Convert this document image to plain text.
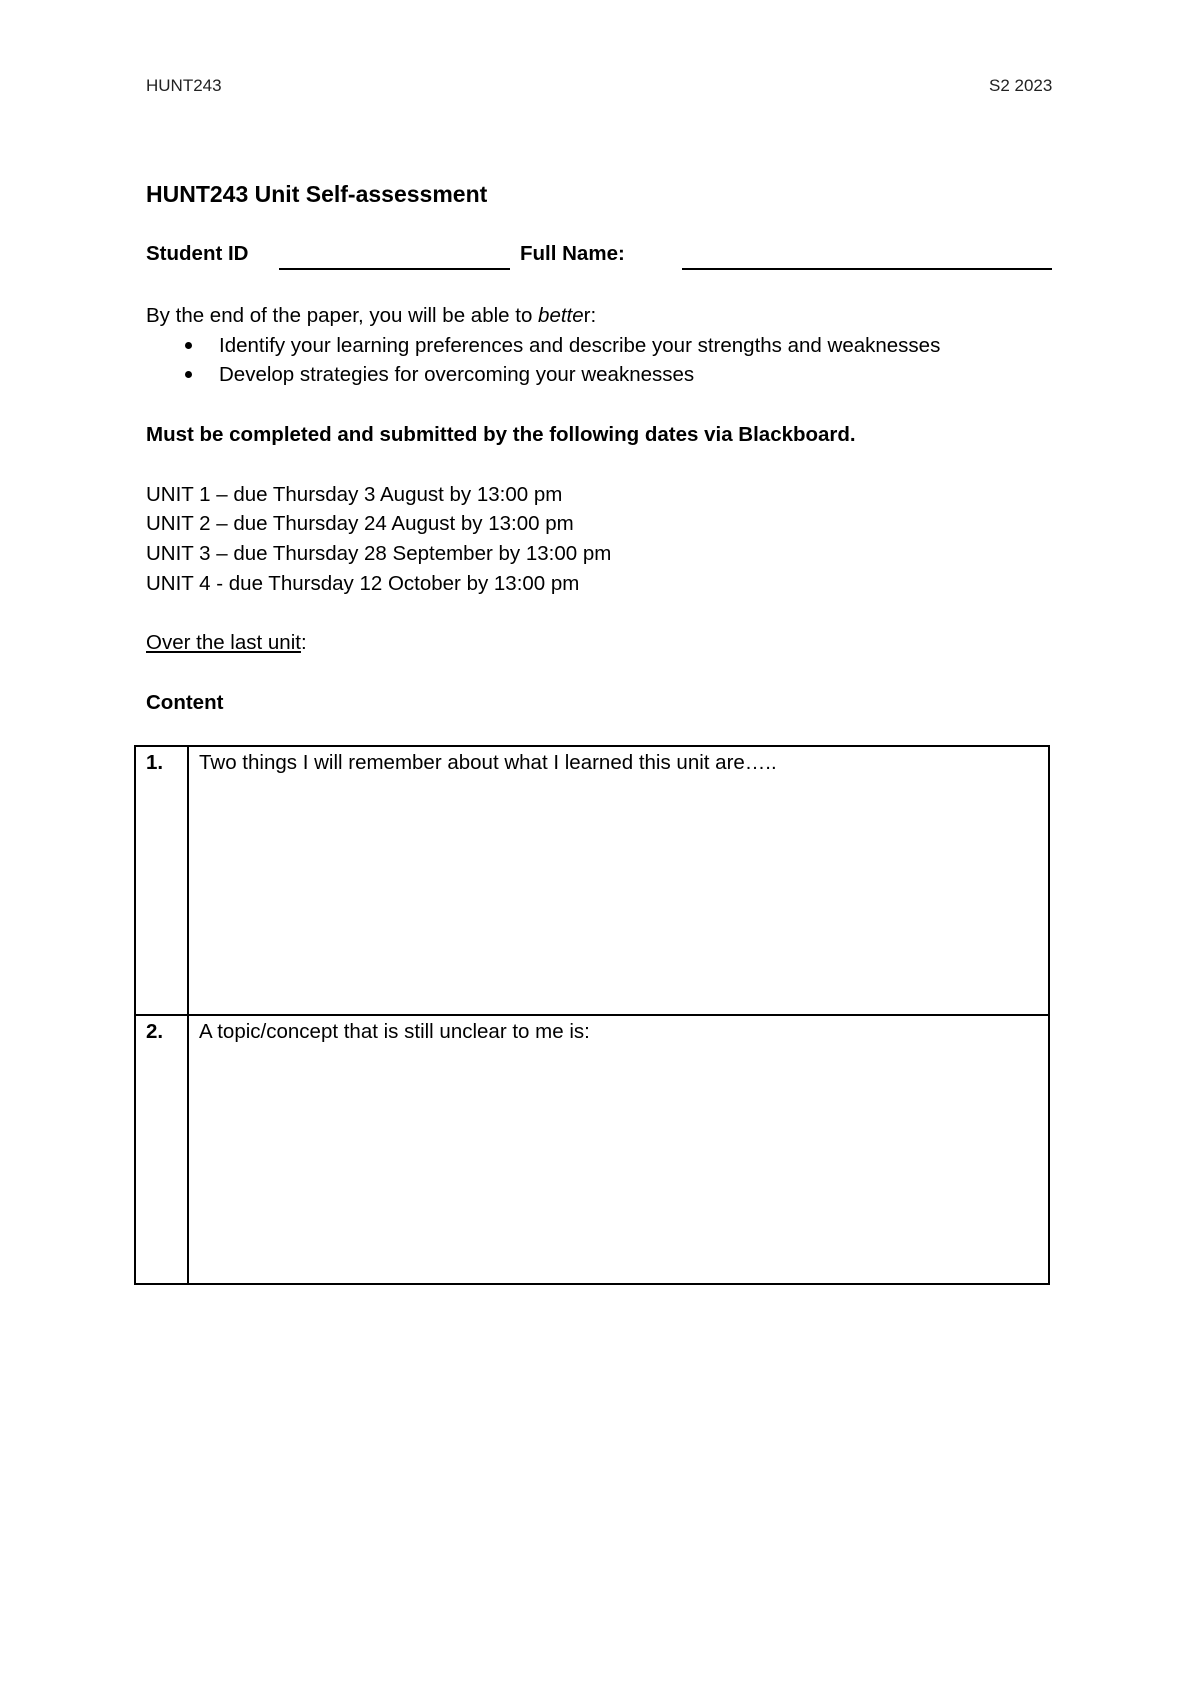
HUNT243	S2 2023
HUNT243 Unit Self-assessment
Student ID	Full Name:
By the end of the paper, you will be able to better:
Identify your learning preferences and describe your strengths and weaknesses
Develop strategies for overcoming your weaknesses
Must be completed and submitted by the following dates via Blackboard.
UNIT 1 – due Thursday 3 August by 13:00 pm
UNIT 2 – due Thursday 24 August by 13:00 pm
UNIT 3 – due Thursday 28 September by 13:00 pm
UNIT 4 - due Thursday 12 October by 13:00 pm
Over the last unit:
Content
1.	Two things I will remember about what I learned this unit are…..
2.	A topic/concept that is still unclear to me is:
